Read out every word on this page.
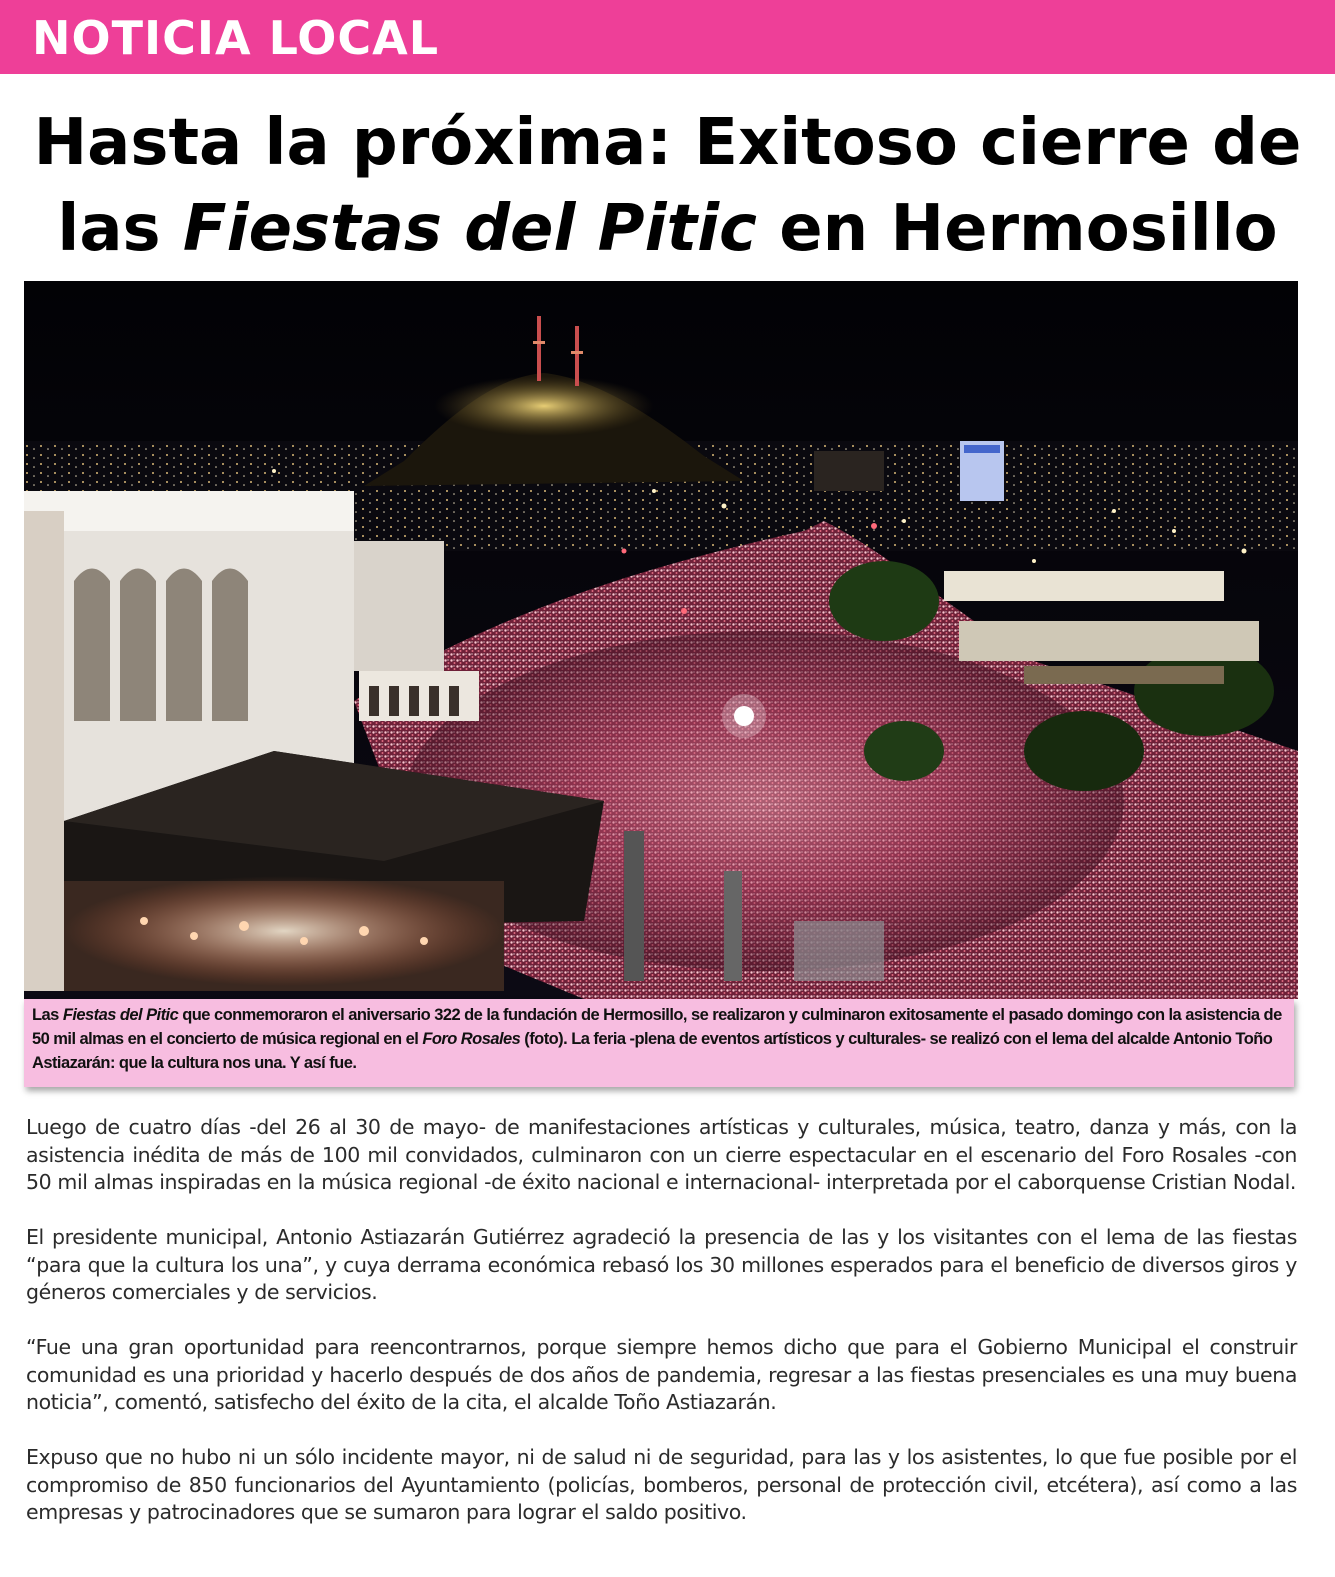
NOTICIA LOCAL
Hasta la próxima: Exitoso cierre de
las Fiestas del Pitic en Hermosillo
Las Fiestas del Pitic que conmemoraron el aniversario 322 de la fundación de Hermosillo, se realizaron y culminaron exitosamente el pasado domingo con la asistencia de 50 mil almas en el concierto de música regional en el Foro Rosales (foto). La feria -plena de eventos artísticos y culturales- se realizó con el lema del alcalde Antonio Toño Astiazarán: que la cultura nos una. Y así fue.

Luego de cuatro días -del 26 al 30 de mayo- de manifestaciones artísticas y culturales, música, teatro, danza y más, con la asistencia inédita de más de 100 mil convidados, culminaron con un cierre espectacular en el escenario del Foro Rosales -con 50 mil almas inspiradas en la música regional -de éxito nacional e internacional- interpretada por el caborquense Cristian Nodal.

El presidente municipal, Antonio Astiazarán Gutiérrez agradeció la presencia de las y los visitantes con el lema de las fiestas “para que la cultura los una”, y cuya derrama económica rebasó los 30 millones esperados para el beneficio de diversos giros y géneros comerciales y de servicios.

“Fue una gran oportunidad para reencontrarnos, porque siempre hemos dicho que para el Gobierno Municipal el construir comunidad es una prioridad y hacerlo después de dos años de pandemia, regresar a las fiestas presenciales es una muy buena noticia”, comentó, satisfecho del éxito de la cita, el alcalde Toño Astiazarán.

Expuso que no hubo ni un sólo incidente mayor, ni de salud ni de seguridad, para las y los asistentes, lo que fue posible por el compromiso de 850 funcionarios del Ayuntamiento (policías, bomberos, personal de protección civil, etcétera), así como a las empresas y patrocinadores que se sumaron para lograr el saldo positivo.
